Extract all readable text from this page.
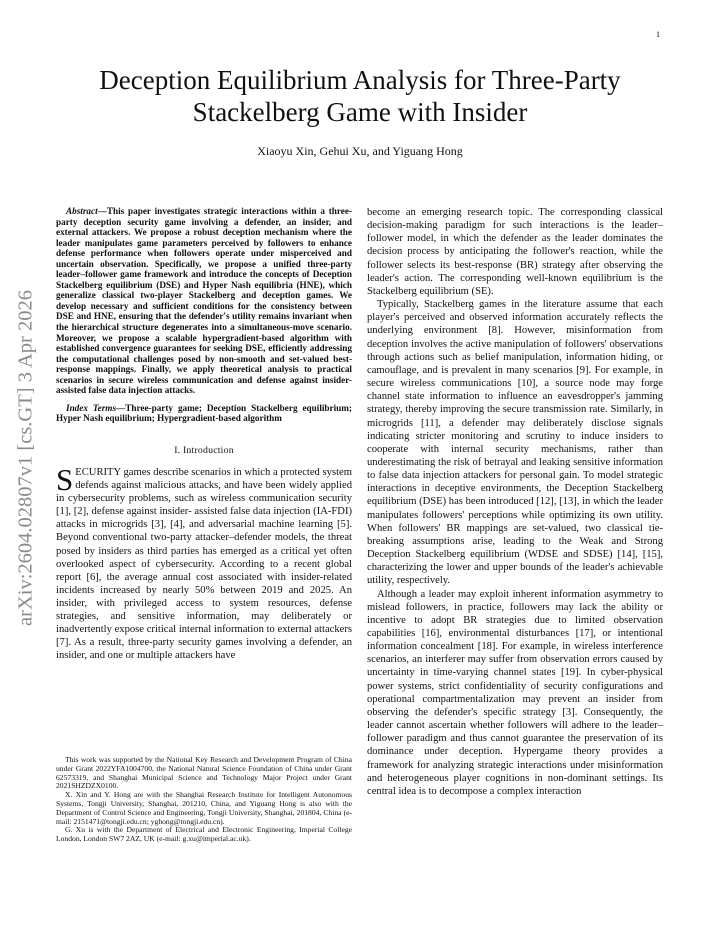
1
arXiv:2604.02807v1 [cs.GT] 3 Apr 2026
Deception Equilibrium Analysis for Three-Party
Stackelberg Game with Insider
Xiaoyu Xin, Gehui Xu, and Yiguang Hong

Abstract—This paper investigates strategic interactions within a three-party deception security game involving a defender, an insider, and external attackers. We propose a robust deception mechanism where the leader manipulates game parameters perceived by followers to enhance defense performance when followers operate under misperceived and uncertain observation. Specifically, we propose a unified three-party leader–follower game framework and introduce the concepts of Deception Stackelberg equilibrium (DSE) and Hyper Nash equilibria (HNE), which generalize classical two-player Stackelberg and deception games. We develop necessary and sufficient conditions for the consistency between DSE and HNE, ensuring that the defender's utility remains invariant when the hierarchical structure degenerates into a simultaneous-move scenario. Moreover, we propose a scalable hypergradient-based algorithm with established convergence guarantees for seeking DSE, efficiently addressing the computational challenges posed by non-smooth and set-valued best-response mappings. Finally, we apply theoretical analysis to practical scenarios in secure wireless communication and defense against insider-assisted false data injection attacks.

Index Terms—Three-party game; Deception Stackelberg equilibrium; Hyper Nash equilibrium; Hypergradient-based algorithm

I. Introduction

SECURITY games describe scenarios in which a protected system defends against malicious attacks, and have been widely applied in cybersecurity problems, such as wireless communication security [1], [2], defense against insider- assisted false data injection (IA-FDI) attacks in microgrids [3], [4], and adversarial machine learning [5]. Beyond conventional two-party attacker–defender models, the threat posed by insiders as third parties has emerged as a critical yet often overlooked aspect of cybersecurity. According to a recent global report [6], the average annual cost associated with insider-related incidents increased by nearly 50% between 2019 and 2025. An insider, with privileged access to system resources, defense strategies, and sensitive information, may deliberately or inadvertently expose critical internal information to external attackers [7]. As a result, three-party security games involving a defender, an insider, and one or multiple attackers have

This work was supported by the National Key Research and Development Program of China under Grant 2022YFA1004700, the National Natural Science Foundation of China under Grant 62573319, and Shanghai Municipal Science and Technology Major Project under Grant 2021SHZDZX0100.

X. Xin and Y. Hong are with the Shanghai Research Institute for Intelligent Autonomous Systems, Tongji University, Shanghai, 201210, China, and Yiguang Hong is also with the Department of Control Science and Engineering, Tongji University, Shanghai, 201804, China (e-mail: 2151471@tongji.edu.cn; yghong@tongji.edu.cn).

G. Xu is with the Department of Electrical and Electronic Engineering, Imperial College London, London SW7 2AZ, UK (e-mail: g.xu@imperial.ac.uk).

become an emerging research topic. The corresponding classical decision-making paradigm for such interactions is the leader–follower model, in which the defender as the leader dominates the decision process by anticipating the follower's reaction, while the follower selects its best-response (BR) strategy after observing the leader's action. The corresponding well-known equilibrium is the Stackelberg equilibrium (SE).

Typically, Stackelberg games in the literature assume that each player's perceived and observed information accurately reflects the underlying environment [8]. However, misinformation from deception involves the active manipulation of followers' observations through actions such as belief manipulation, information hiding, or camouflage, and is prevalent in many scenarios [9]. For example, in secure wireless communications [10], a source node may forge channel state information to influence an eavesdropper's jamming strategy, thereby improving the secure transmission rate. Similarly, in microgrids [11], a defender may deliberately disclose signals indicating stricter monitoring and scrutiny to induce insiders to cooperate with internal security mechanisms, rather than underestimating the risk of betrayal and leaking sensitive information to false data injection attackers for personal gain. To model strategic interactions in deceptive environments, the Deception Stackelberg equilibrium (DSE) has been introduced [12], [13], in which the leader manipulates followers' perceptions while optimizing its own utility. When followers' BR mappings are set-valued, two classical tie-breaking assumptions arise, leading to the Weak and Strong Deception Stackelberg equilibrium (WDSE and SDSE) [14], [15], characterizing the lower and upper bounds of the leader's achievable utility, respectively.

Although a leader may exploit inherent information asymmetry to mislead followers, in practice, followers may lack the ability or incentive to adopt BR strategies due to limited observation capabilities [16], environmental disturbances [17], or intentional information concealment [18]. For example, in wireless interference scenarios, an interferer may suffer from observation errors caused by uncertainty in time-varying channel states [19]. In cyber-physical power systems, strict confidentiality of security configurations and operational compartmentalization may prevent an insider from observing the defender's specific strategy [3]. Consequently, the leader cannot ascertain whether followers will adhere to the leader–follower paradigm and thus cannot guarantee the preservation of its dominance under deception. Hypergame theory provides a framework for analyzing strategic interactions under misinformation and heterogeneous player cognitions in non-dominant settings. Its central idea is to decompose a complex interaction
